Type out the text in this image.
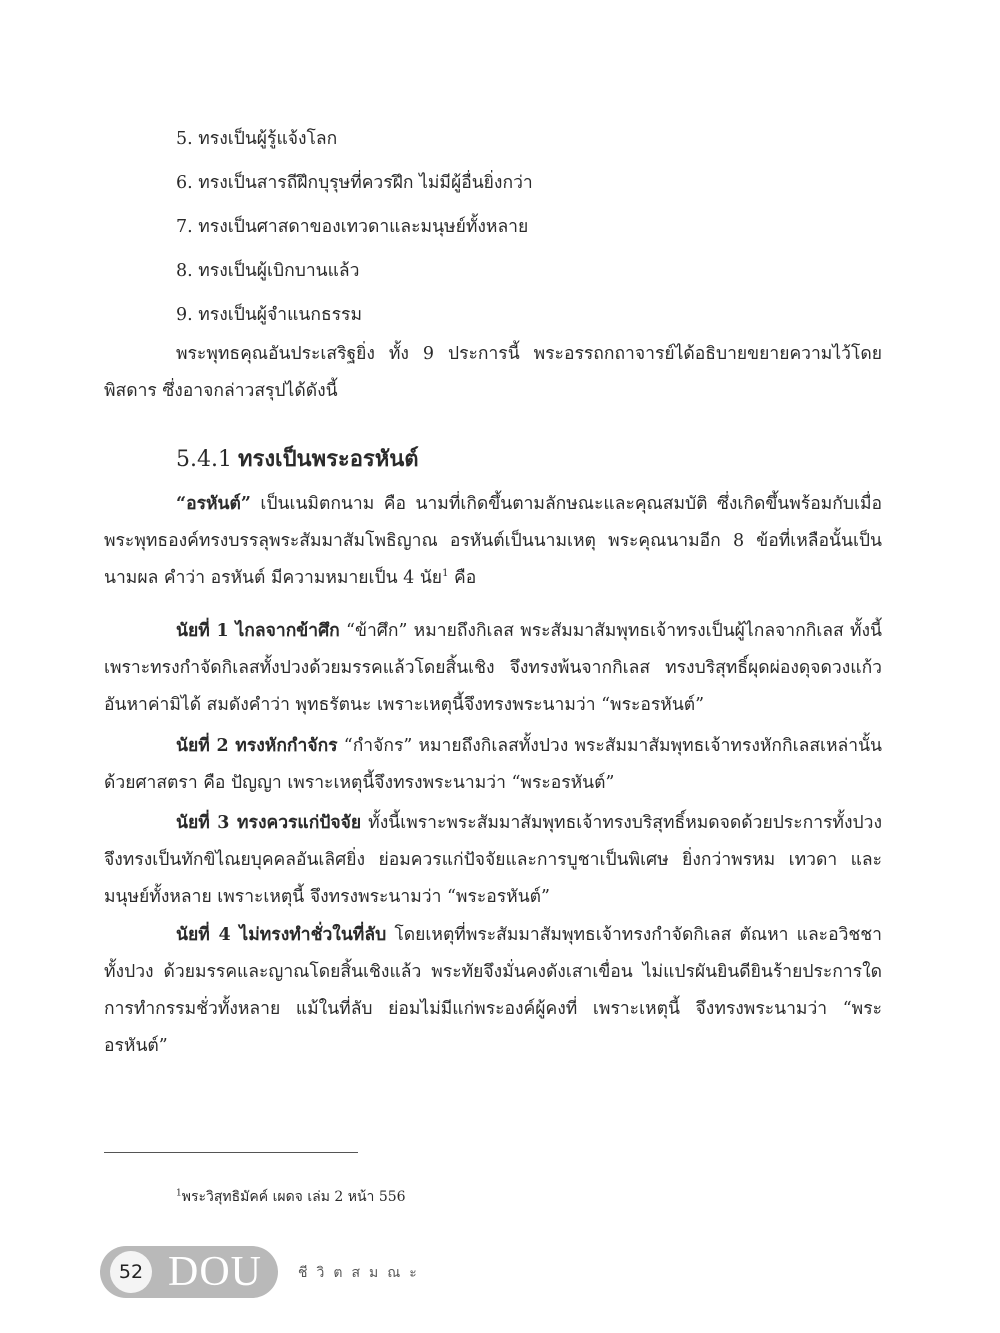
5. ทรงเป็นผู้รู้แจ้งโลก
6. ทรงเป็นสารถีฝึกบุรุษที่ควรฝึก ไม่มีผู้อื่นยิ่งกว่า
7. ทรงเป็นศาสดาของเทวดาและมนุษย์ทั้งหลาย
8. ทรงเป็นผู้เบิกบานแล้ว
9. ทรงเป็นผู้จำแนกธรรม

พระพุทธคุณอันประเสริฐยิ่ง ทั้ง 9 ประการนี้ พระอรรถกถาจารย์ได้อธิบายขยายความไว้โดยพิสดาร ซึ่งอาจกล่าวสรุปได้ดังนี้

5.4.1 ทรงเป็นพระอรหันต์

“อรหันต์” เป็นเนมิตกนาม คือ นามที่เกิดขึ้นตามลักษณะและคุณสมบัติ ซึ่งเกิดขึ้นพร้อมกับเมื่อพระพุทธองค์ทรงบรรลุพระสัมมาสัมโพธิญาณ อรหันต์เป็นนามเหตุ พระคุณนามอีก 8 ข้อที่เหลือนั้นเป็นนามผล คำว่า อรหันต์ มีความหมายเป็น 4 นัย$^1$ คือ

นัยที่ 1 ไกลจากข้าศึก “ข้าศึก” หมายถึงกิเลส พระสัมมาสัมพุทธเจ้าทรงเป็นผู้ไกลจากกิเลส ทั้งนี้ เพราะทรงกำจัดกิเลสทั้งปวงด้วยมรรคแล้วโดยสิ้นเชิง จึงทรงพ้นจากกิเลส ทรงบริสุทธิ์ผุดผ่องดุจดวงแก้วอันหาค่ามิได้ สมดังคำว่า พุทธรัตนะ เพราะเหตุนี้จึงทรงพระนามว่า “พระอรหันต์”

นัยที่ 2 ทรงหักกำจักร “กำจักร” หมายถึงกิเลสทั้งปวง พระสัมมาสัมพุทธเจ้าทรงหักกิเลสเหล่านั้นด้วยศาสตรา คือ ปัญญา เพราะเหตุนี้จึงทรงพระนามว่า “พระอรหันต์”

นัยที่ 3 ทรงควรแก่ปัจจัย ทั้งนี้เพราะพระสัมมาสัมพุทธเจ้าทรงบริสุทธิ์หมดจดด้วยประการทั้งปวง จึงทรงเป็นทักขิไณยบุคคลอันเลิศยิ่ง ย่อมควรแก่ปัจจัยและการบูชาเป็นพิเศษ ยิ่งกว่าพรหม เทวดา และมนุษย์ทั้งหลาย เพราะเหตุนี้ จึงทรงพระนามว่า “พระอรหันต์”

นัยที่ 4 ไม่ทรงทำชั่วในที่ลับ โดยเหตุที่พระสัมมาสัมพุทธเจ้าทรงกำจัดกิเลส ตัณหา และอวิชชาทั้งปวง ด้วยมรรคและญาณโดยสิ้นเชิงแล้ว พระทัยจึงมั่นคงดังเสาเขื่อน ไม่แปรผันยินดียินร้ายประการใด การทำกรรมชั่วทั้งหลาย แม้ในที่ลับ ย่อมไม่มีแก่พระองค์ผู้คงที่ เพราะเหตุนี้ จึงทรงพระนามว่า “พระอรหันต์”

$^1$พระวิสุทธิมัคค์ เผดจ เล่ม 2 หน้า 556
52 DOU	ชีวิตสมณะ
